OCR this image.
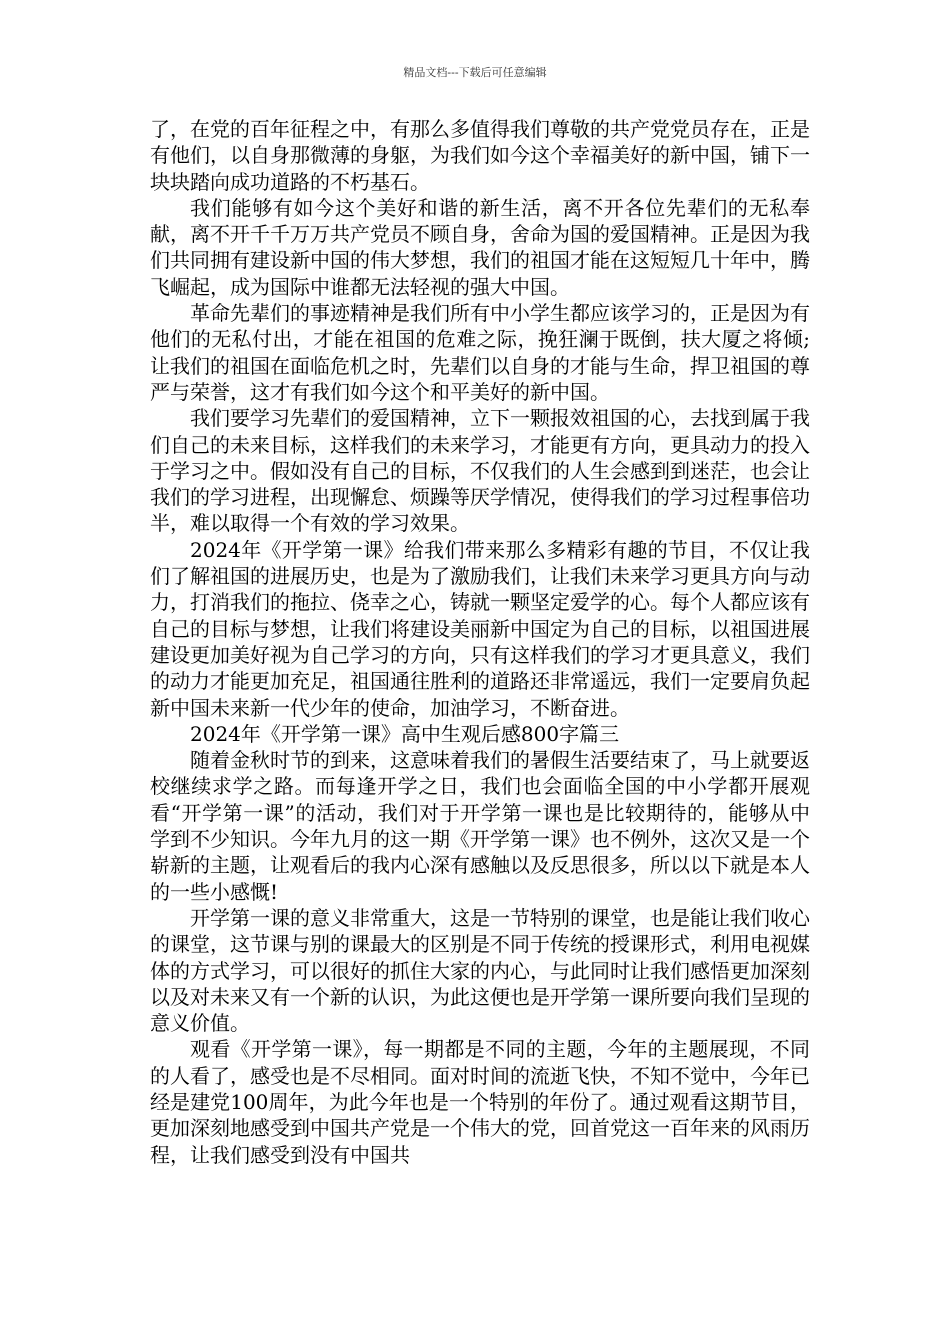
精品文档---下载后可任意编辑

了，在党的百年征程之中，有那么多值得我们尊敬的共产党党员存在，正是有他们，以自身那微薄的身躯，为我们如今这个幸福美好的新中国，铺下一块块踏向成功道路的不朽基石。

我们能够有如今这个美好和谐的新生活，离不开各位先辈们的无私奉献，离不开千千万万共产党员不顾自身，舍命为国的爱国精神。正是因为我们共同拥有建设新中国的伟大梦想，我们的祖国才能在这短短几十年中，腾飞崛起，成为国际中谁都无法轻视的强大中国。

革命先辈们的事迹精神是我们所有中小学生都应该学习的，正是因为有他们的无私付出，才能在祖国的危难之际，挽狂澜于既倒，扶大厦之将倾;让我们的祖国在面临危机之时，先辈们以自身的才能与生命，捍卫祖国的尊严与荣誉，这才有我们如今这个和平美好的新中国。

我们要学习先辈们的爱国精神，立下一颗报效祖国的心，去找到属于我们自己的未来目标，这样我们的未来学习，才能更有方向，更具动力的投入于学习之中。假如没有自己的目标，不仅我们的人生会感到到迷茫，也会让我们的学习进程，出现懈怠、烦躁等厌学情况，使得我们的学习过程事倍功半，难以取得一个有效的学习效果。

2024年《开学第一课》给我们带来那么多精彩有趣的节目，不仅让我们了解祖国的进展历史，也是为了激励我们，让我们未来学习更具方向与动力，打消我们的拖拉、侥幸之心，铸就一颗坚定爱学的心。每个人都应该有自己的目标与梦想，让我们将建设美丽新中国定为自己的目标，以祖国进展建设更加美好视为自己学习的方向，只有这样我们的学习才更具意义，我们的动力才能更加充足，祖国通往胜利的道路还非常遥远，我们一定要肩负起新中国未来新一代少年的使命，加油学习，不断奋进。

2024年《开学第一课》高中生观后感800字篇三

随着金秋时节的到来，这意味着我们的暑假生活要结束了，马上就要返校继续求学之路。而每逢开学之日，我们也会面临全国的中小学都开展观看“开学第一课”的活动，我们对于开学第一课也是比较期待的，能够从中学到不少知识。今年九月的这一期《开学第一课》也不例外，这次又是一个崭新的主题，让观看后的我内心深有感触以及反思很多，所以以下就是本人的一些小感慨!

开学第一课的意义非常重大，这是一节特别的课堂，也是能让我们收心的课堂，这节课与别的课最大的区别是不同于传统的授课形式，利用电视媒体的方式学习，可以很好的抓住大家的内心，与此同时让我们感悟更加深刻以及对未来又有一个新的认识，为此这便也是开学第一课所要向我们呈现的意义价值。

观看《开学第一课》，每一期都是不同的主题，今年的主题展现，不同的人看了，感受也是不尽相同。面对时间的流逝飞快，不知不觉中，今年已经是建党100周年，为此今年也是一个特别的年份了。通过观看这期节目，更加深刻地感受到中国共产党是一个伟大的党，回首党这一百年来的风雨历程，让我们感受到没有中国共
